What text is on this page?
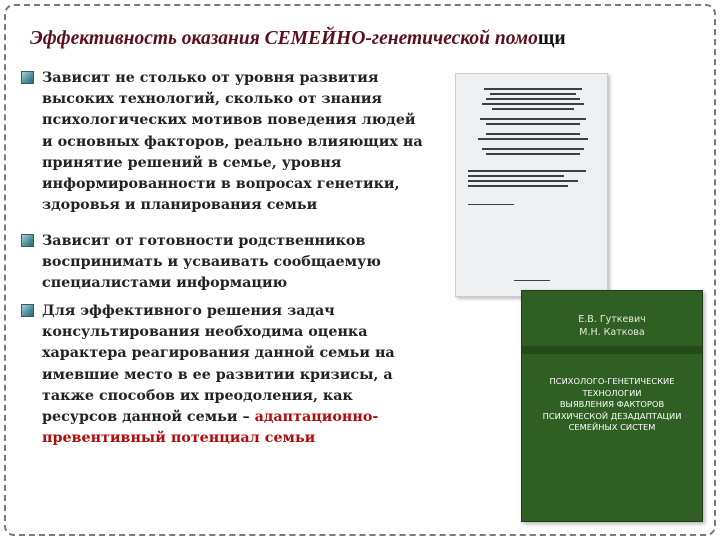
Эффективность оказания СЕМЕЙНО-генетической помощи
Зависит не столько от уровня развития
высоких технологий, сколько от знания
психологических мотивов поведения людей
и основных факторов, реально влияющих на
принятие решений в семье, уровня
информированности в вопросах генетики,
здоровья и планирования семьи
Зависит от готовности родственников
воспринимать и усваивать сообщаемую
специалистами информацию
Для эффективного решения задач
консультирования необходима оценка
характера реагирования данной семьи на
имевшие место в ее развитии кризисы, а
также способов их преодоления, как
ресурсов данной семьи – адаптационно-
превентивный потенциал семьи
Е.В. Гуткевич
М.Н. Каткова
ПСИХОЛОГО-ГЕНЕТИЧЕСКИЕ
ТЕХНОЛОГИИ
ВЫЯВЛЕНИЯ ФАКТОРОВ
ПСИХИЧЕСКОЙ ДЕЗАДАПТАЦИИ
СЕМЕЙНЫХ СИСТЕМ
